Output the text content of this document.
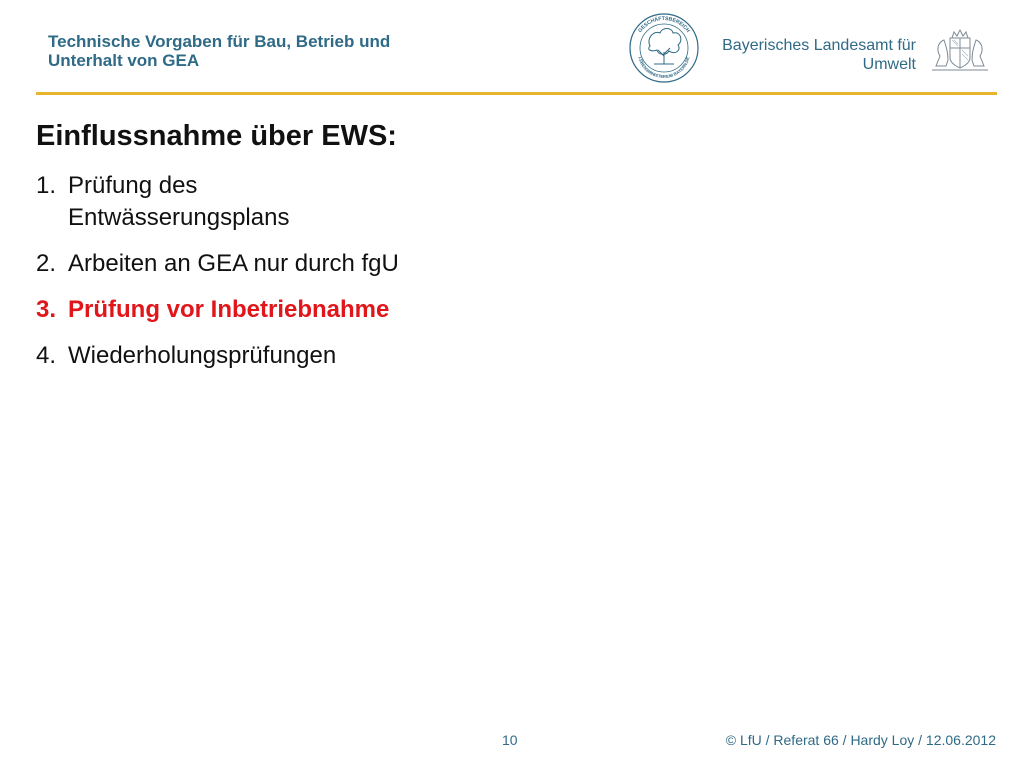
Technische Vorgaben für Bau, Betrieb und
Unterhalt von GEA
GESCHÄFTSBEREICH
LEBENSMINISTERIUM BAYERN.DE
Bayerisches Landesamt für
Umwelt
Einflussnahme über EWS:
1. Prüfung des Entwässerungsplans
2. Arbeiten an GEA nur durch fgU
3. Prüfung vor Inbetriebnahme
4. Wiederholungsprüfungen
10	© LfU / Referat 66 / Hardy Loy / 12.06.2012
